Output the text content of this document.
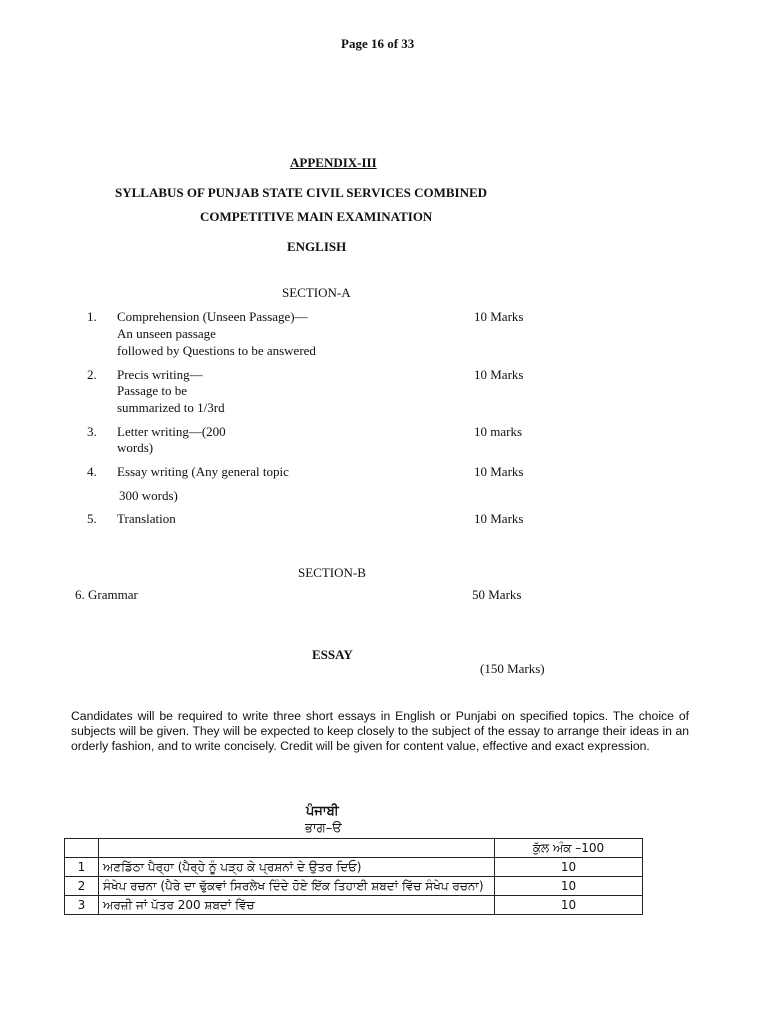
Page 16 of 33
APPENDIX-III
SYLLABUS OF PUNJAB STATE CIVIL SERVICES COMBINED
COMPETITIVE MAIN EXAMINATION
ENGLISH
SECTION-A
1. Comprehension (Unseen Passage)—
An unseen passage
followed by Questions to be answered
10 Marks
2. Precis writing—
Passage to be
summarized to 1/3rd
10 Marks
3. Letter writing—(200
words)
10 marks
4. Essay writing (Any general topic
300 words)
10 Marks
5. Translation	10 Marks
SECTION-B
6. Grammar	50 Marks
ESSAY
(150 Marks)
Candidates will be required to write three short essays in English or Punjabi on specified topics. The choice of subjects will be given. They will be expected to keep closely to the subject of the essay to arrange their ideas in an orderly fashion, and to write concisely. Credit will be given for content value, effective and exact expression.
ਪੰਜਾਬੀ
ਭਾਗ–ੳ
		ਕੁੱਲ ਅੰਕ –100
1	ਅਣਡਿੱਠਾ ਪੈਰ੍ਹਾ (ਪੈਰ੍ਹੇ ਨੂੰ ਪੜ੍ਹ ਕੇ ਪ੍ਰਸ਼ਨਾਂ ਦੇ ਉਤਰ ਦਿਓ)	10
2	ਸੰਖੇਪ ਰਚਨਾ (ਪੈਰੇ ਦਾ ਢੁੱਕਵਾਂ ਸਿਰਲੇਖ ਦਿੰਦੇ ਹੋਏ ਇੱਕ ਤਿਹਾਈ ਸ਼ਬਦਾਂ ਵਿੱਚ ਸੰਖੇਪ ਰਚਨਾ)	10
3	ਅਰਜ਼ੀ ਜਾਂ ਪੱਤਰ 200 ਸ਼ਬਦਾਂ ਵਿੱਚ	10
